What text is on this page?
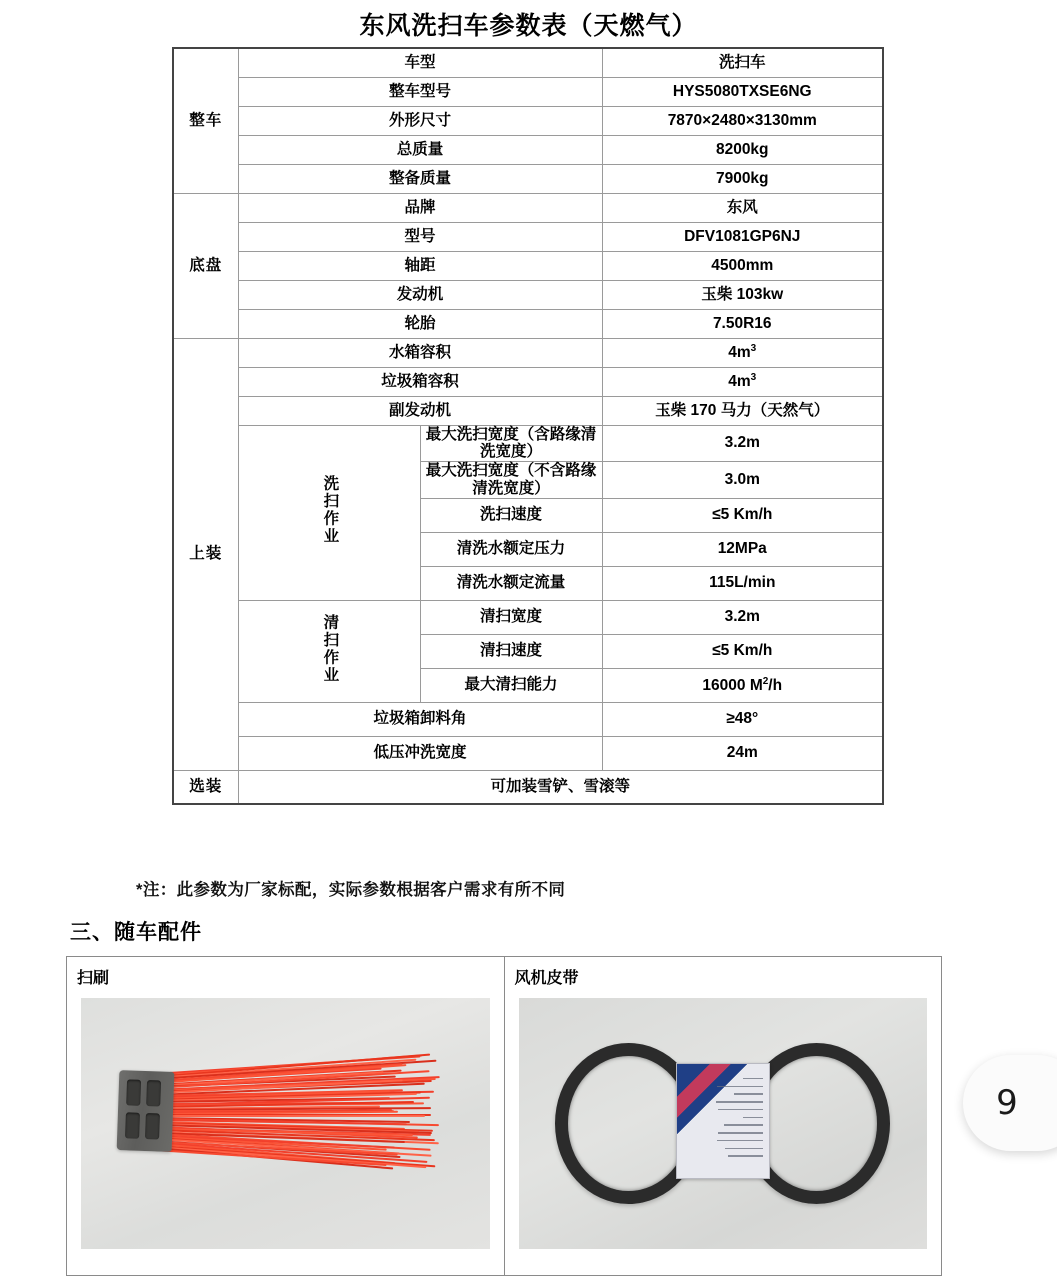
东风洗扫车参数表（天燃气）
整车	车型		洗扫车
	整车型号		HYS5080TXSE6NG
	外形尺寸		7870×2480×3130mm
	总质量		8200kg
	整备质量		7900kg
底盘	品牌		东风
	型号		DFV1081GP6NJ
	轴距		4500mm
	发动机		玉柴 103kw
	轮胎		7.50R16
上装	水箱容积		$4m^3$
	垃圾箱容积		$4m^3$
	副发动机		玉柴 170 马力（天然气）
	洗扫作业	最大洗扫宽度（含路缘清洗宽度）	3.2m
		最大洗扫宽度（不含路缘清洗宽度）	3.0m
		洗扫速度	≤5 Km/h
		清洗水额定压力	12MPa
		清洗水额定流量	115L/min
	清扫作业	清扫宽度	3.2m
		清扫速度	≤5 Km/h
		最大清扫能力	16000 $M^2/h$
	垃圾箱卸料角		≥48°
	低压冲洗宽度		24m
选装	可加装雪铲、雪滚等		
*注：此参数为厂家标配，实际参数根据客户需求有所不同
三、随车配件
扫刷	风机皮带
9
